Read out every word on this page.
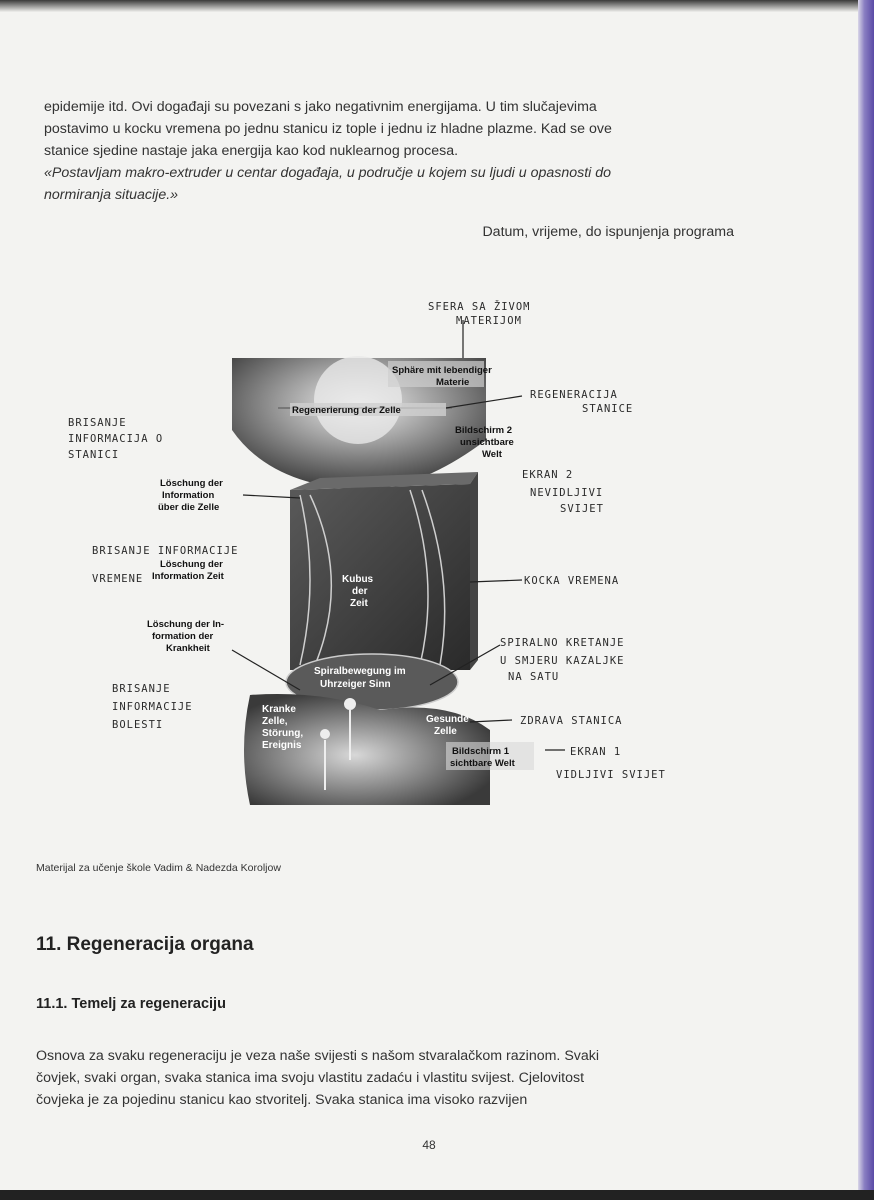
epidemije itd. Ovi događaji su povezani s jako negativnim energijama. U tim slučajevima
postavimo u kocku vremena po jednu stanicu iz tople i jednu iz hladne plazme. Kad se ove
stanice sjedine nastaje jaka energija kao kod nuklearnog procesa.
«Postavljam makro-extruder u centar događaja, u područje u kojem su ljudi u opasnosti do
normiranja situacije.»
Datum, vrijeme, do ispunjenja programa
Sphäre mit lebendiger
Materie
Regenerierung der Zelle
Bildschirm 2
unsichtbare
Welt
Löschung der
Information
über die Zelle
Löschung der
Information Zeit	Kubus
der
Zeit
Löschung der In-
formation der
Krankheit
Spiralbewegung im
Uhrzeiger Sinn
Kranke
Zelle,
Störung,
Ereignis
Gesunde
Zelle
Bildschirm 1
sichtbare Welt
SFERA SA ŽIVOM
MATERIJOM
REGENERACIJA
STANICE
BRISANJE
INFORMACIJA O
STANICI
EKRAN 2
NEVIDLJIVI
SVIJET
BRISANJE INFORMACIJE
VREMENE	KOCKA VREMENA
SPIRALNO KRETANJE
U SMJERU KAZALJKE
NA SATU
BRISANJE
INFORMACIJE
BOLESTI	ZDRAVA STANICA
EKRAN 1
VIDLJIVI SVIJET
Materijal za učenje škole Vadim & Nadezda Koroljow
11. Regeneracija organa
11.1. Temelj za regeneraciju
Osnova za svaku regeneraciju je veza naše svijesti s našom stvaralačkom razinom. Svaki
čovjek, svaki organ, svaka stanica ima svoju vlastitu zadaću i vlastitu svijest. Cjelovitost
čovjeka je za pojedinu stanicu kao stvoritelj. Svaka stanica ima visoko razvijen
48
